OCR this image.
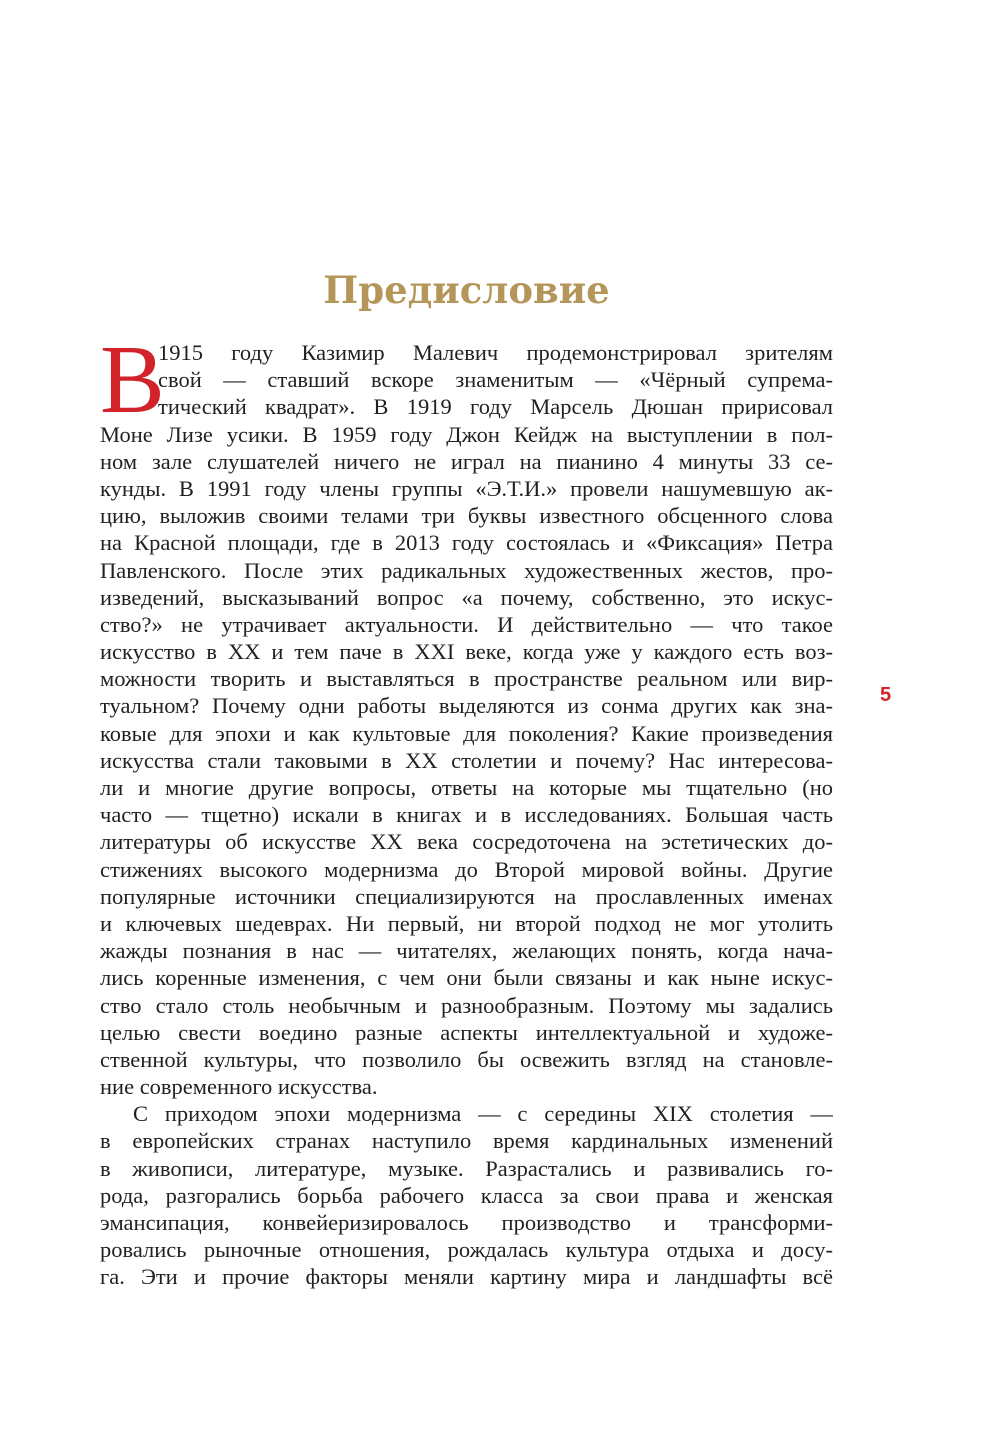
Предисловие
В
1915 году Казимир Малевич продемонстрировал зрителям
свой — ставший вскоре знаменитым — «Чёрный супрема-
тический квадрат». В 1919 году Марсель Дюшан пририсовал
Моне Лизе усики. В 1959 году Джон Кейдж на выступлении в пол-
ном зале слушателей ничего не играл на пианино 4 минуты 33 се-
кунды. В 1991 году члены группы «Э.Т.И.» провели нашумевшую ак-
цию, выложив своими телами три буквы известного обсценного слова
на Красной площади, где в 2013 году состоялась и «Фиксация» Петра
Павленского. После этих радикальных художественных жестов, про-
изведений, высказываний вопрос «а почему, собственно, это искус-
ство?» не утрачивает актуальности. И действительно — что такое
искусство в XX и тем паче в XXI веке, когда уже у каждого есть воз-
можности творить и выставляться в пространстве реальном или вир-
туальном? Почему одни работы выделяются из сонма других как зна-
ковые для эпохи и как культовые для поколения? Какие произведения
искусства стали таковыми в XX столетии и почему? Нас интересова-
ли и многие другие вопросы, ответы на которые мы тщательно (но
часто — тщетно) искали в книгах и в исследованиях. Большая часть
литературы об искусстве XX века сосредоточена на эстетических до-
стижениях высокого модернизма до Второй мировой войны. Другие
популярные источники специализируются на прославленных именах
и ключевых шедеврах. Ни первый, ни второй подход не мог утолить
жажды познания в нас — читателях, желающих понять, когда нача-
лись коренные изменения, с чем они были связаны и как ныне искус-
ство стало столь необычным и разнообразным. Поэтому мы задались
целью свести воедино разные аспекты интеллектуальной и художе-
ственной культуры, что позволило бы освежить взгляд на становле-
ние современного искусства.
С приходом эпохи модернизма — с середины XIX столетия —
в европейских странах наступило время кардинальных изменений
в живописи, литературе, музыке. Разрастались и развивались го-
рода, разгорались борьба рабочего класса за свои права и женская
эмансипация, конвейеризировалось производство и трансформи-
ровались рыночные отношения, рождалась культура отдыха и досу-
га. Эти и прочие факторы меняли картину мира и ландшафты всё
5
